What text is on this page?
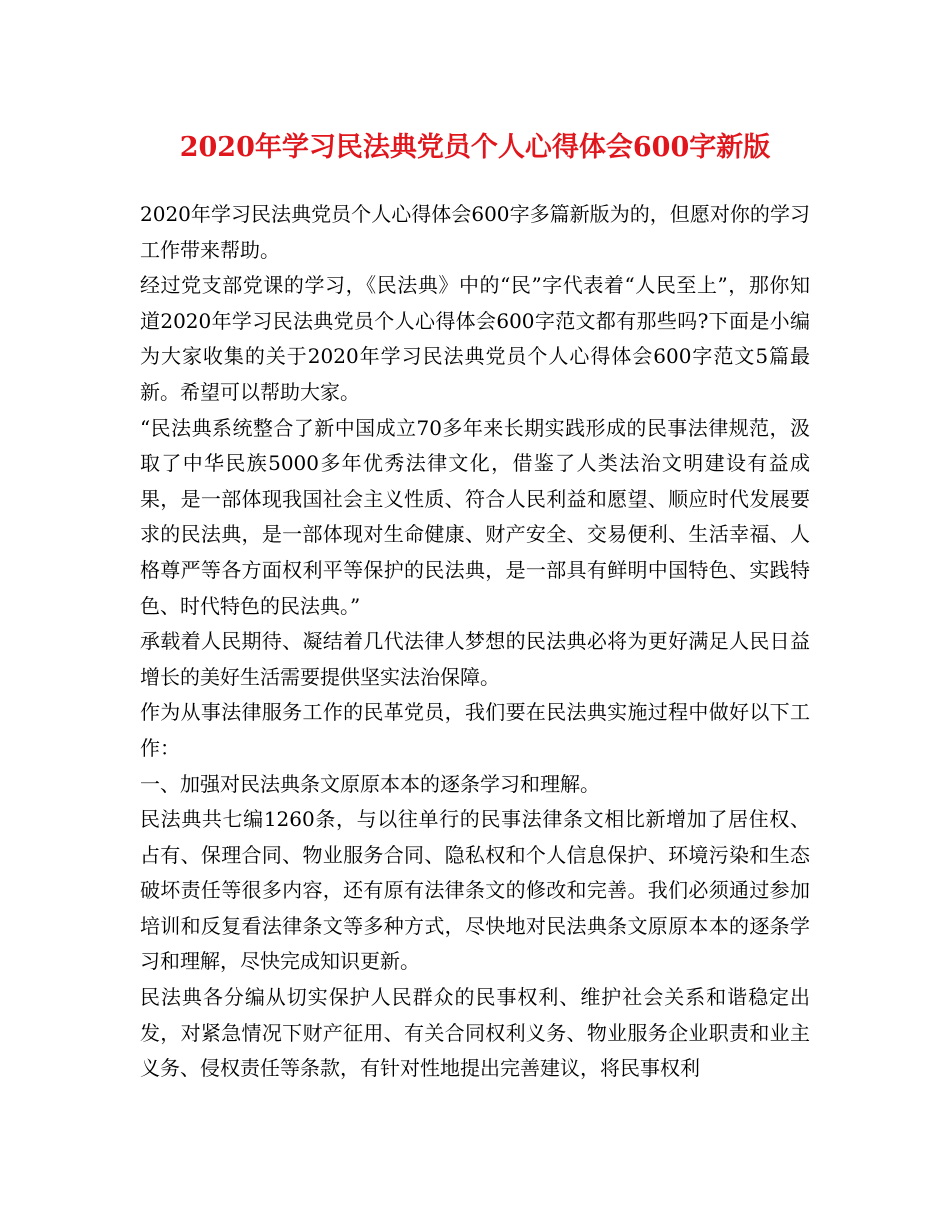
2020年学习民法典党员个人心得体会600字新版

2020年学习民法典党员个人心得体会600字多篇新版为的，但愿对你的学习工作带来帮助。

经过党支部党课的学习，《民法典》中的“民”字代表着“人民至上”，那你知道2020年学习民法典党员个人心得体会600字范文都有那些吗?下面是小编为大家收集的关于2020年学习民法典党员个人心得体会600字范文5篇最新。希望可以帮助大家。

“民法典系统整合了新中国成立70多年来长期实践形成的民事法律规范，汲取了中华民族5000多年优秀法律文化，借鉴了人类法治文明建设有益成果，是一部体现我国社会主义性质、符合人民利益和愿望、顺应时代发展要求的民法典，是一部体现对生命健康、财产安全、交易便利、生活幸福、人格尊严等各方面权利平等保护的民法典，是一部具有鲜明中国特色、实践特色、时代特色的民法典。”

承载着人民期待、凝结着几代法律人梦想的民法典必将为更好满足人民日益增长的美好生活需要提供坚实法治保障。

作为从事法律服务工作的民革党员，我们要在民法典实施过程中做好以下工作：

一、加强对民法典条文原原本本的逐条学习和理解。

民法典共七编1260条，与以往单行的民事法律条文相比新增加了居住权、占有、保理合同、物业服务合同、隐私权和个人信息保护、环境污染和生态破坏责任等很多内容，还有原有法律条文的修改和完善。我们必须通过参加培训和反复看法律条文等多种方式，尽快地对民法典条文原原本本的逐条学习和理解，尽快完成知识更新。

民法典各分编从切实保护人民群众的民事权利、维护社会关系和谐稳定出发，对紧急情况下财产征用、有关合同权利义务、物业服务企业职责和业主义务、侵权责任等条款，有针对性地提出完善建议，将民事权利
